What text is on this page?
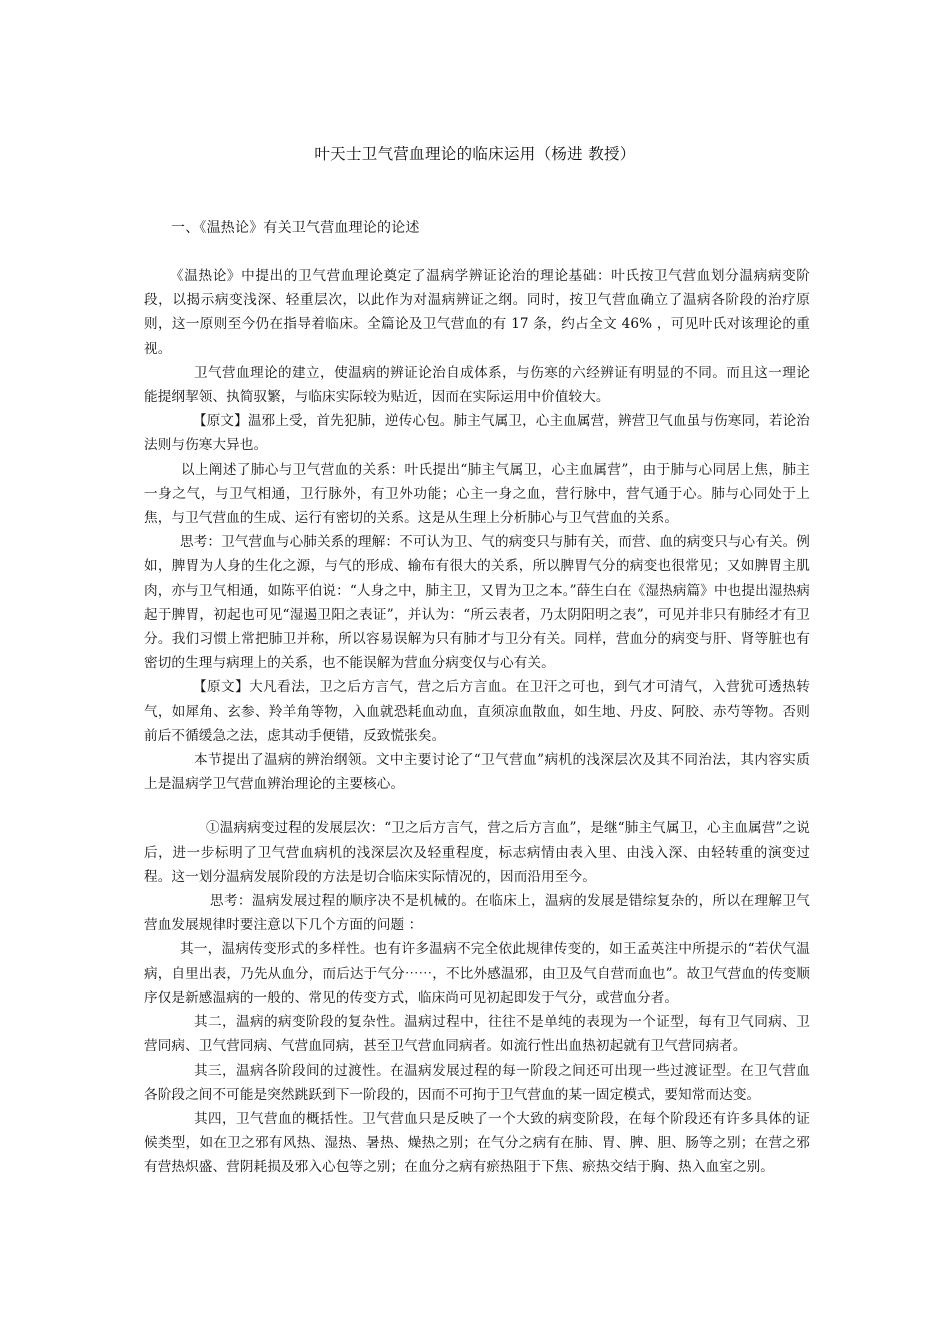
叶天士卫气营血理论的临床运用（杨进 教授）
一、《温热论》有关卫气营血理论的论述

《温热论》中提出的卫气营血理论奠定了温病学辨证论治的理论基础：叶氏按卫气营血划分温病病变阶段，以揭示病变浅深、轻重层次，以此作为对温病辨证之纲。同时，按卫气营血确立了温病各阶段的治疗原则，这一原则至今仍在指导着临床。全篇论及卫气营血的有 17 条，约占全文 46% ，可见叶氏对该理论的重视。

卫气营血理论的建立，使温病的辨证论治自成体系，与伤寒的六经辨证有明显的不同。而且这一理论能提纲挈领、执简驭繁，与临床实际较为贴近，因而在实际运用中价值较大。

【原文】温邪上受，首先犯肺，逆传心包。肺主气属卫，心主血属营，辨营卫气血虽与伤寒同，若论治法则与伤寒大异也。

以上阐述了肺心与卫气营血的关系：叶氏提出“肺主气属卫，心主血属营”，由于肺与心同居上焦，肺主一身之气，与卫气相通，卫行脉外，有卫外功能；心主一身之血，营行脉中，营气通于心。肺与心同处于上焦，与卫气营血的生成、运行有密切的关系。这是从生理上分析肺心与卫气营血的关系。

思考：卫气营血与心肺关系的理解：不可认为卫、气的病变只与肺有关，而营、血的病变只与心有关。例如，脾胃为人身的生化之源，与气的形成、输布有很大的关系，所以脾胃气分的病变也很常见；又如脾胃主肌肉，亦与卫气相通，如陈平伯说：“人身之中，肺主卫，又胃为卫之本。”薛生白在《湿热病篇》中也提出湿热病起于脾胃，初起也可见“湿遏卫阳之表证”，并认为：“所云表者，乃太阴阳明之表”，可见并非只有肺经才有卫分。我们习惯上常把肺卫并称，所以容易误解为只有肺才与卫分有关。同样，营血分的病变与肝、肾等脏也有密切的生理与病理上的关系，也不能误解为营血分病变仅与心有关。

【原文】大凡看法，卫之后方言气，营之后方言血。在卫汗之可也，到气才可清气，入营犹可透热转气，如犀角、玄参、羚羊角等物，入血就恐耗血动血，直须凉血散血，如生地、丹皮、阿胶、赤芍等物。否则前后不循缓急之法，虑其动手便错，反致慌张矣。

本节提出了温病的辨治纲领。文中主要讨论了“卫气营血”病机的浅深层次及其不同治法，其内容实质上是温病学卫气营血辨治理论的主要核心。

①温病病变过程的发展层次：“卫之后方言气，营之后方言血”，是继“肺主气属卫，心主血属营”之说后，进一步标明了卫气营血病机的浅深层次及轻重程度，标志病情由表入里、由浅入深、由轻转重的演变过程。这一划分温病发展阶段的方法是切合临床实际情况的，因而沿用至今。

思考：温病发展过程的顺序决不是机械的。在临床上，温病的发展是错综复杂的，所以在理解卫气营血发展规律时要注意以下几个方面的问题 ：

其一，温病传变形式的多样性。也有许多温病不完全依此规律传变的，如王孟英注中所提示的“若伏气温病，自里出表，乃先从血分，而后达于气分⋯⋯，不比外感温邪，由卫及气自营而血也”。故卫气营血的传变顺序仅是新感温病的一般的、常见的传变方式，临床尚可见初起即发于气分，或营血分者。

其二，温病的病变阶段的复杂性。温病过程中，往往不是单纯的表现为一个证型，每有卫气同病、卫营同病、卫气营同病、气营血同病，甚至卫气营血同病者。如流行性出血热初起就有卫气营同病者。

其三，温病各阶段间的过渡性。在温病发展过程的每一阶段之间还可出现一些过渡证型。在卫气营血各阶段之间不可能是突然跳跃到下一阶段的，因而不可拘于卫气营血的某一固定模式，要知常而达变。

其四，卫气营血的概括性。卫气营血只是反映了一个大致的病变阶段，在每个阶段还有许多具体的证候类型，如在卫之邪有风热、湿热、暑热、燥热之别；在气分之病有在肺、胃、脾、胆、肠等之别；在营之邪有营热炽盛、营阴耗损及邪入心包等之别；在血分之病有瘀热阻于下焦、瘀热交结于胸、热入血室之别。
